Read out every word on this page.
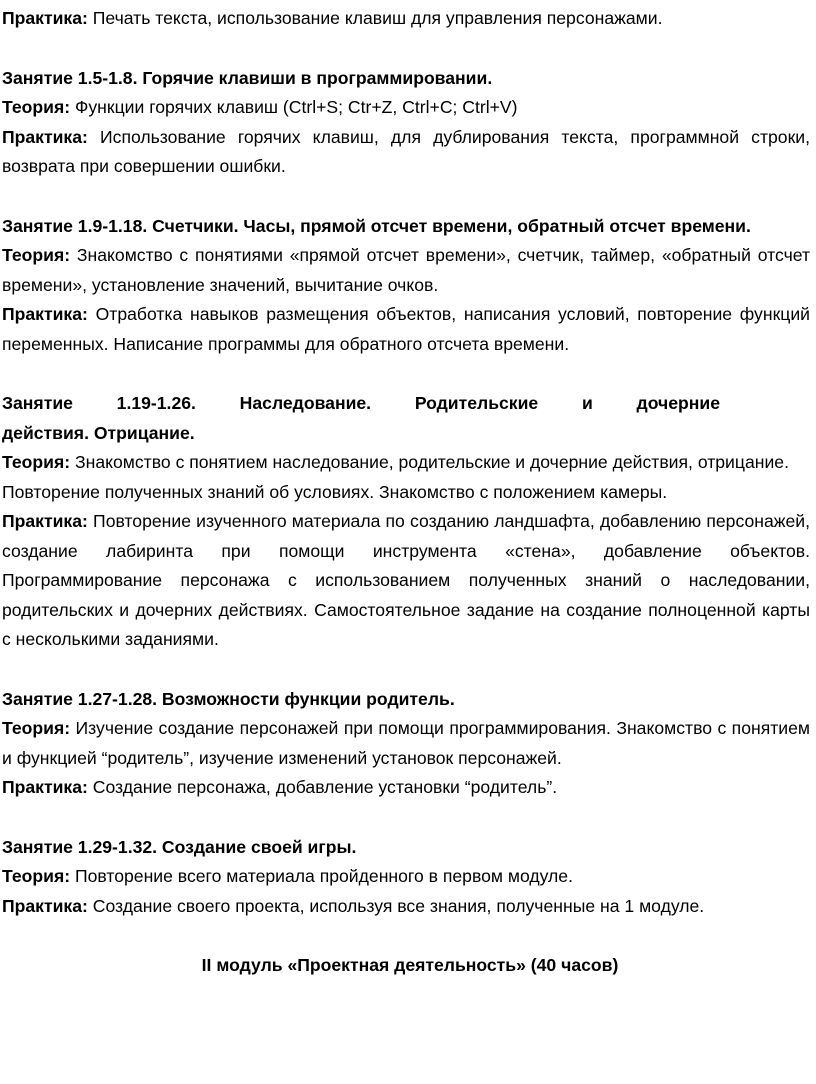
Практика: Печать текста, использование клавиш для управления персонажами.

Занятие 1.5-1.8. Горячие клавиши в программировании.

Теория: Функции горячих клавиш (Ctrl+S; Ctr+Z, Ctrl+C; Ctrl+V)

Практика: Использование горячих клавиш, для дублирования текста, программной строки, возврата при совершении ошибки.

Занятие 1.9-1.18. Счетчики. Часы, прямой отсчет времени, обратный отсчет времени.

Теория: Знакомство с понятиями «прямой отсчет времени», счетчик, таймер, «обратный отсчет времени», установление значений, вычитание очков.

Практика: Отработка навыков размещения объектов, написания условий, повторение функций переменных. Написание программы для обратного отсчета времени.

Занятие 1.19-1.26. Наследование. Родительские и дочерние

действия. Отрицание.

Теория: Знакомство с понятием наследование, родительские и дочерние действия, отрицание. Повторение полученных знаний об условиях. Знакомство с положением камеры.

Практика: Повторение изученного материала по созданию ландшафта, добавлению персонажей, создание лабиринта при помощи инструмента «стена», добавление объектов. Программирование персонажа с использованием полученных знаний о наследовании, родительских и дочерних действиях. Самостоятельное задание на создание полноценной карты с несколькими заданиями.

Занятие 1.27-1.28. Возможности функции родитель.

Теория: Изучение создание персонажей при помощи программирования. Знакомство с понятием и функцией “родитель”, изучение изменений установок персонажей.

Практика: Создание персонажа, добавление установки “родитель”.

Занятие 1.29-1.32. Создание своей игры.

Теория: Повторение всего материала пройденного в первом модуле.

Практика: Создание своего проекта, используя все знания, полученные на 1 модуле.

II модуль «Проектная деятельность» (40 часов)
